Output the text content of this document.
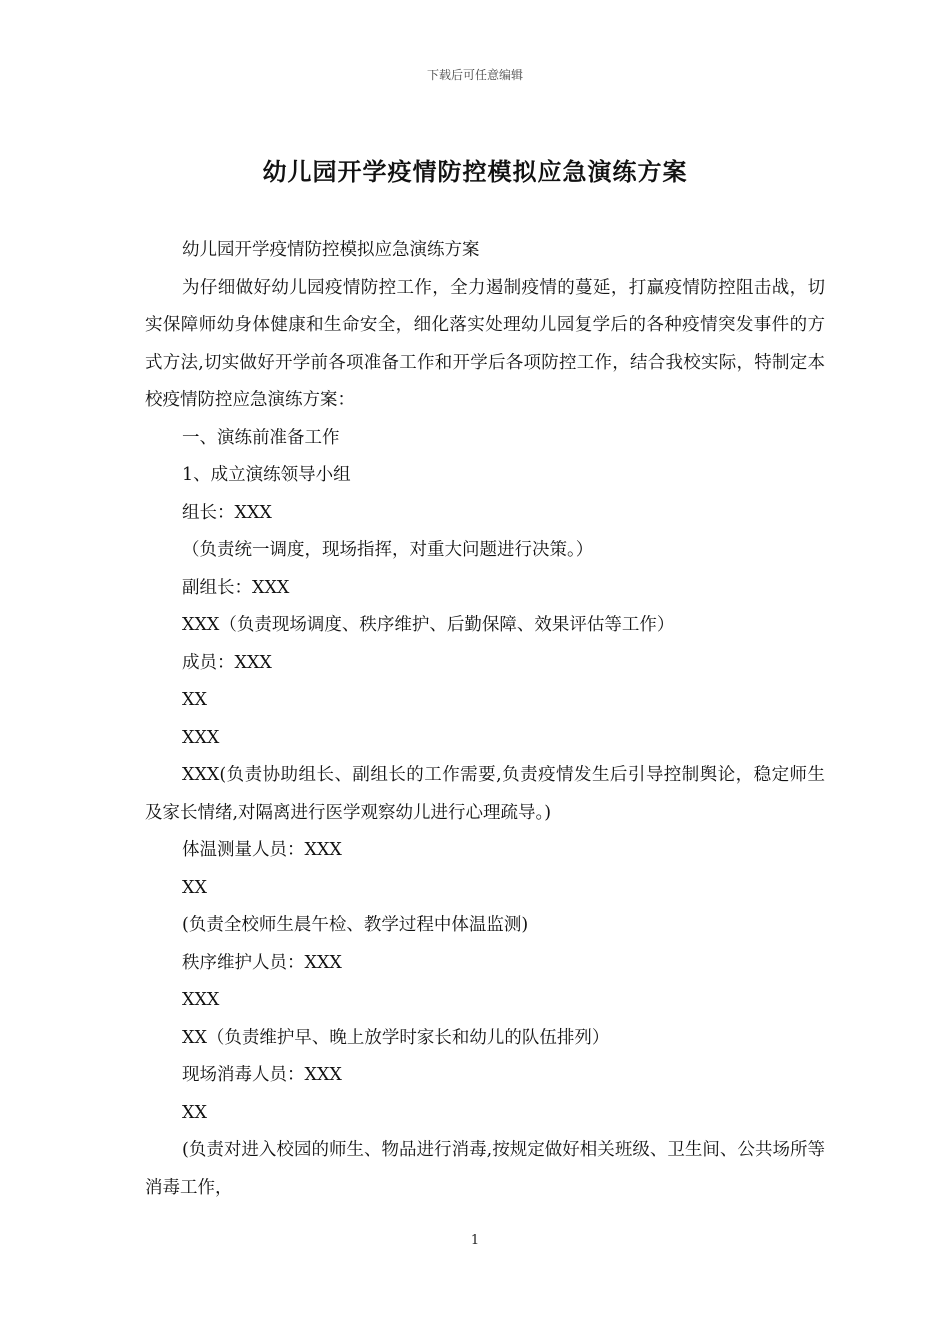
下载后可任意编辑
幼儿园开学疫情防控模拟应急演练方案

幼儿园开学疫情防控模拟应急演练方案

为仔细做好幼儿园疫情防控工作，全力遏制疫情的蔓延，打赢疫情防控阻击战，切实保障师幼身体健康和生命安全，细化落实处理幼儿园复学后的各种疫情突发事件的方式方法,切实做好开学前各项准备工作和开学后各项防控工作，结合我校实际，特制定本校疫情防控应急演练方案：

一、演练前准备工作

1、成立演练领导小组

组长：XXX

（负责统一调度，现场指挥，对重大问题进行决策。）

副组长：XXX

XXX（负责现场调度、秩序维护、后勤保障、效果评估等工作）

成员：XXX

XX

XXX

XXX(负责协助组长、副组长的工作需要,负责疫情发生后引导控制舆论，稳定师生及家长情绪,对隔离进行医学观察幼儿进行心理疏导。)

体温测量人员：XXX

XX

(负责全校师生晨午检、教学过程中体温监测)

秩序维护人员：XXX

XXX

XX（负责维护早、晚上放学时家长和幼儿的队伍排列）

现场消毒人员：XXX

XX

(负责对进入校园的师生、物品进行消毒,按规定做好相关班级、卫生间、公共场所等消毒工作，

1
